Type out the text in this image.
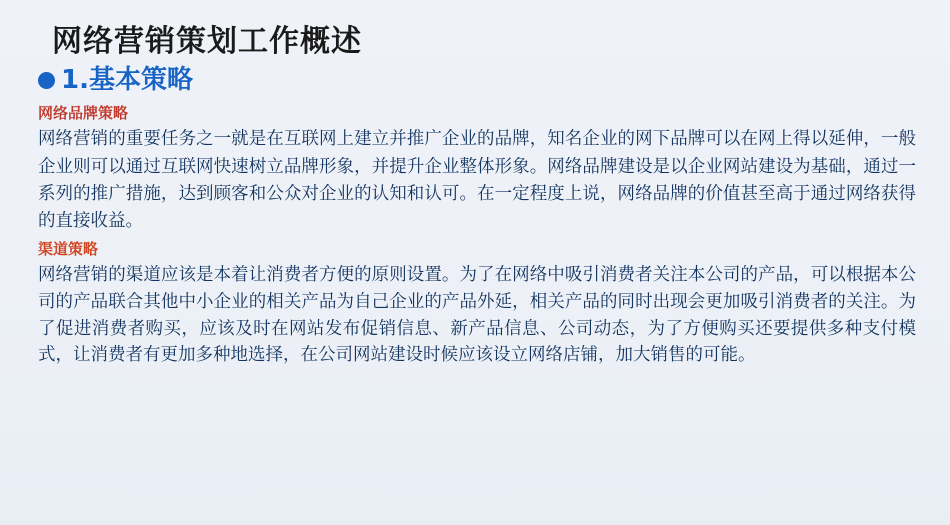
网络营销策划工作概述
1.基本策略
网络品牌策略

网络营销的重要任务之一就是在互联网上建立并推广企业的品牌，知名企业的网下品牌可以在网上得以延伸，一般企业则可以通过互联网快速树立品牌形象，并提升企业整体形象。网络品牌建设是以企业网站建设为基础，通过一系列的推广措施，达到顾客和公众对企业的认知和认可。在一定程度上说，网络品牌的价值甚至高于通过网络获得的直接收益。

渠道策略

网络营销的渠道应该是本着让消费者方便的原则设置。为了在网络中吸引消费者关注本公司的产品，可以根据本公司的产品联合其他中小企业的相关产品为自己企业的产品外延，相关产品的同时出现会更加吸引消费者的关注。为了促进消费者购买，应该及时在网站发布促销信息、新产品信息、公司动态，为了方便购买还要提供多种支付模式，让消费者有更加多种地选择，在公司网站建设时候应该设立网络店铺，加大销售的可能。
